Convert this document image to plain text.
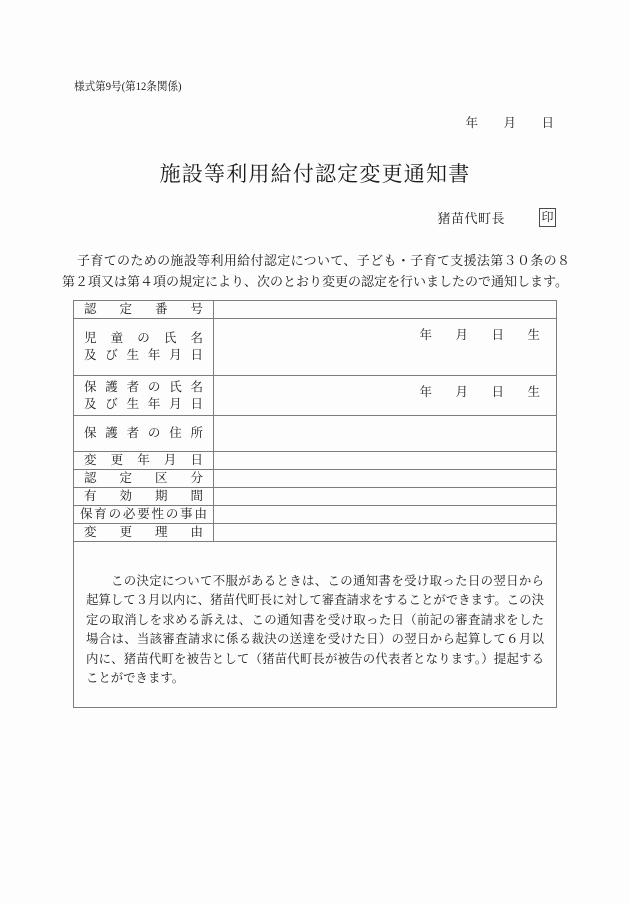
様式第9号(第12条関係)
年 月 日
施設等利用給付認定変更通知書
猪苗代町長	印
子育てのための施設等利用給付認定について、子ども・子育て支援法第３０条の８第２項又は第４項の規定により、次のとおり変更の認定を行いましたので通知します。
認定番号	

児童の氏名
及び生年月日	年 月 日 生

保護者の氏名
及び生年月日	年 月 日 生

保護者の住所	

変更年月日	

認定区分	

有効期間	

保育の必要性の事由	

変更理由	

この決定について不服があるときは、この通知書を受け取った日の翌日から起算して３月以内に、猪苗代町長に対して審査請求をすることができます。この決定の取消しを求める訴えは、この通知書を受け取った日（前記の審査請求をした場合は、当該審査請求に係る裁決の送達を受けた日）の翌日から起算して６月以内に、猪苗代町を被告として（猪苗代町長が被告の代表者となります。）提起することができます。	
